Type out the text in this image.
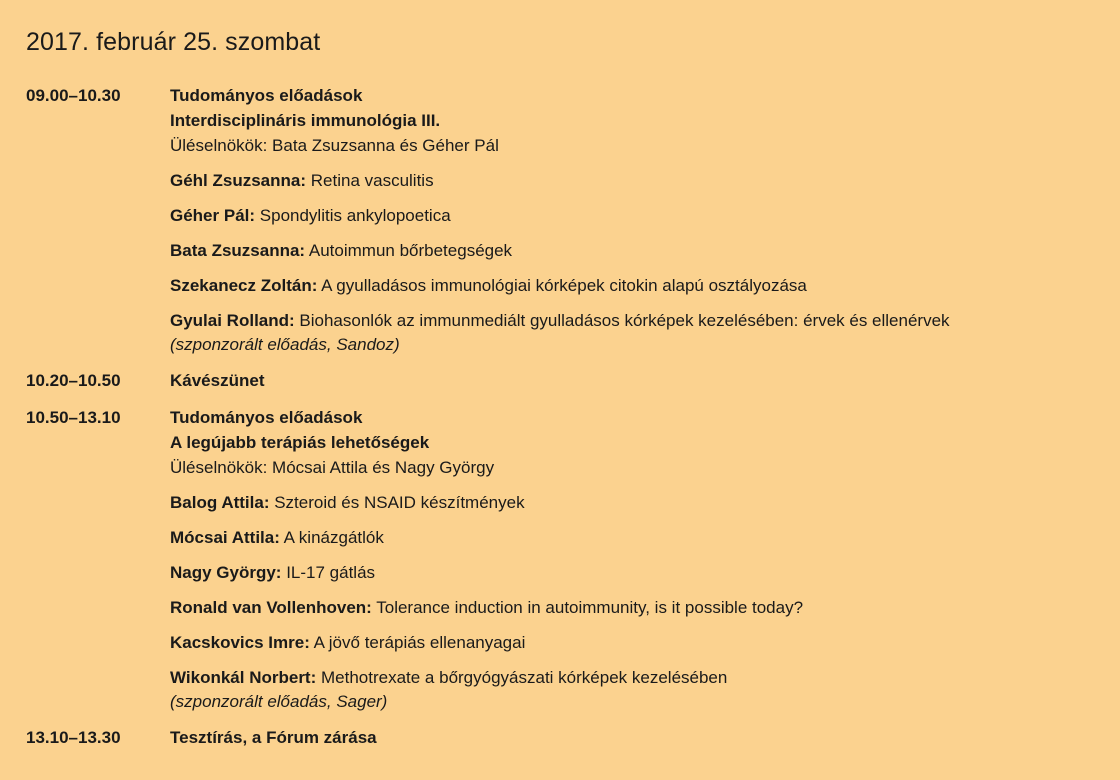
2017. február 25. szombat
09.00–10.30	Tudományos előadások
Interdisciplináris immunológia III.
Üléselnökök: Bata Zsuzsanna és Géher Pál
Géhl Zsuzsanna: Retina vasculitis
Géher Pál: Spondylitis ankylopoetica
Bata Zsuzsanna: Autoimmun bőrbetegségek
Szekanecz Zoltán: A gyulladásos immunológiai kórképek citokin alapú osztályozása
Gyulai Rolland: Biohasonlók az immunmediált gyulladásos kórképek kezelésében: érvek és ellenérvek
(szponzorált előadás, Sandoz)
10.20–10.50	Kávészünet
10.50–13.10	Tudományos előadások
A legújabb terápiás lehetőségek
Üléselnökök: Mócsai Attila és Nagy György
Balog Attila: Szteroid és NSAID készítmények
Mócsai Attila: A kinázgátlók
Nagy György: IL-17 gátlás
Ronald van Vollenhoven: Tolerance induction in autoimmunity, is it possible today?
Kacskovics Imre: A jövő terápiás ellenanyagai
Wikonkál Norbert: Methotrexate a bőrgyógyászati kórképek kezelésében
(szponzorált előadás, Sager)
13.10–13.30	Tesztírás, a Fórum zárása
